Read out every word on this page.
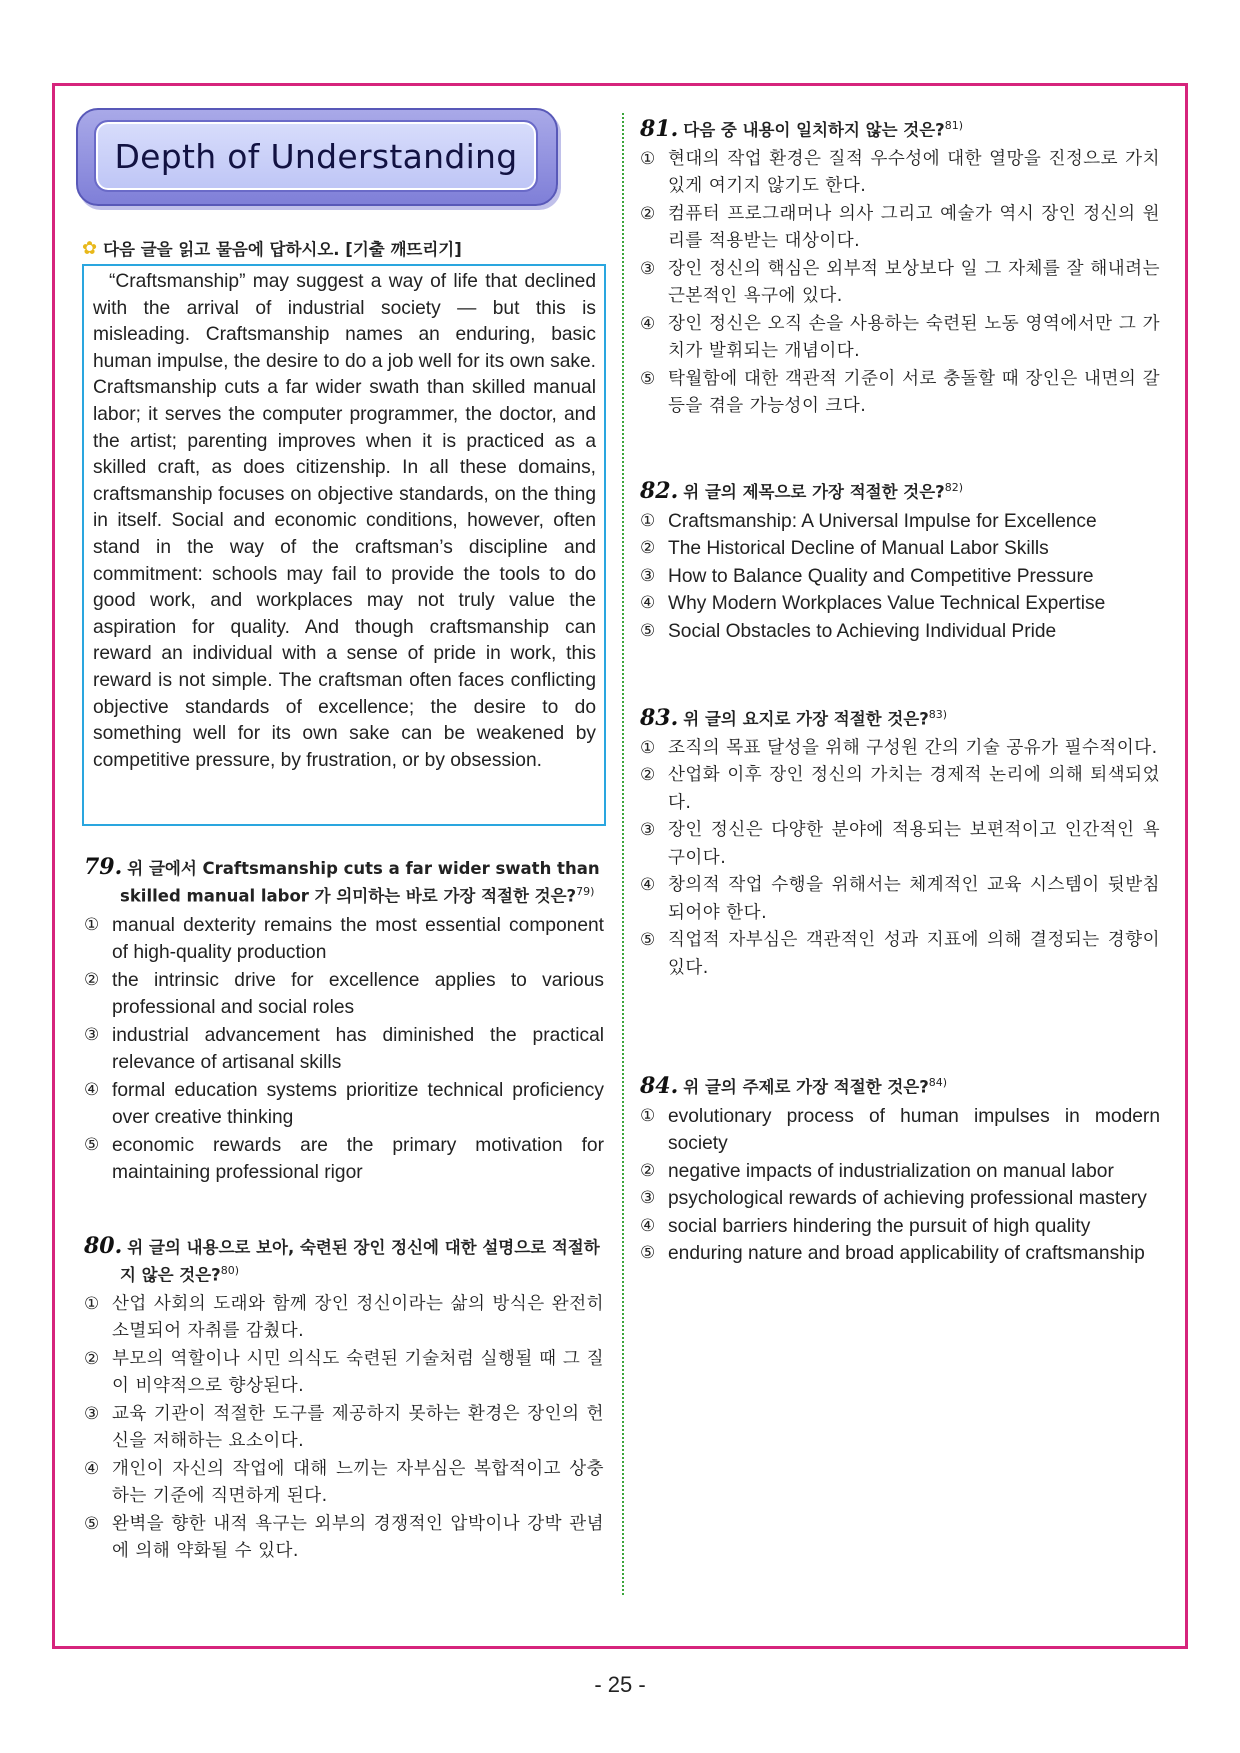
Depth of Understanding
✿ 다음 글을 읽고 물음에 답하시오. [기출 깨뜨리기]
“Craftsmanship” may suggest a way of life that declined with the arrival of industrial society — but this is misleading. Craftsmanship names an enduring, basic human impulse, the desire to do a job well for its own sake. Craftsmanship cuts a far wider swath than skilled manual labor; it serves the computer programmer, the doctor, and the artist; parenting improves when it is practiced as a skilled craft, as does citizenship. In all these domains, craftsmanship focuses on objective standards, on the thing in itself. Social and economic conditions, however, often stand in the way of the craftsman’s discipline and commitment: schools may fail to provide the tools to do good work, and workplaces may not truly value the aspiration for quality. And though craftsmanship can reward an individual with a sense of pride in work, this reward is not simple. The craftsman often faces conflicting objective standards of excellence; the desire to do something well for its own sake can be weakened by competitive pressure, by frustration, or by obsession.
79. 위 글에서 Craftsmanship cuts a far wider swath than skilled manual labor 가 의미하는 바로 가장 적절한 것은?$^{79)}$
① manual dexterity remains the most essential component of high-quality production
② the intrinsic drive for excellence applies to various professional and social roles
③ industrial advancement has diminished the practical relevance of artisanal skills
④ formal education systems prioritize technical proficiency over creative thinking
⑤ economic rewards are the primary motivation for maintaining professional rigor
80. 위 글의 내용으로 보아, 숙련된 장인 정신에 대한 설명으로 적절하지 않은 것은?$^{80)}$
① 산업 사회의 도래와 함께 장인 정신이라는 삶의 방식은 완전히 소멸되어 자취를 감췄다.
② 부모의 역할이나 시민 의식도 숙련된 기술처럼 실행될 때 그 질이 비약적으로 향상된다.
③ 교육 기관이 적절한 도구를 제공하지 못하는 환경은 장인의 헌신을 저해하는 요소이다.
④ 개인이 자신의 작업에 대해 느끼는 자부심은 복합적이고 상충하는 기준에 직면하게 된다.
⑤ 완벽을 향한 내적 욕구는 외부의 경쟁적인 압박이나 강박 관념에 의해 약화될 수 있다.
81. 다음 중 내용이 일치하지 않는 것은?$^{81)}$
① 현대의 작업 환경은 질적 우수성에 대한 열망을 진정으로 가치 있게 여기지 않기도 한다.
② 컴퓨터 프로그래머나 의사 그리고 예술가 역시 장인 정신의 원리를 적용받는 대상이다.
③ 장인 정신의 핵심은 외부적 보상보다 일 그 자체를 잘 해내려는 근본적인 욕구에 있다.
④ 장인 정신은 오직 손을 사용하는 숙련된 노동 영역에서만 그 가치가 발휘되는 개념이다.
⑤ 탁월함에 대한 객관적 기준이 서로 충돌할 때 장인은 내면의 갈등을 겪을 가능성이 크다.
82. 위 글의 제목으로 가장 적절한 것은?$^{82)}$
① Craftsmanship: A Universal Impulse for Excellence
② The Historical Decline of Manual Labor Skills
③ How to Balance Quality and Competitive Pressure
④ Why Modern Workplaces Value Technical Expertise
⑤ Social Obstacles to Achieving Individual Pride
83. 위 글의 요지로 가장 적절한 것은?$^{83)}$
① 조직의 목표 달성을 위해 구성원 간의 기술 공유가 필수적이다.
② 산업화 이후 장인 정신의 가치는 경제적 논리에 의해 퇴색되었다.
③ 장인 정신은 다양한 분야에 적용되는 보편적이고 인간적인 욕구이다.
④ 창의적 작업 수행을 위해서는 체계적인 교육 시스템이 뒷받침되어야 한다.
⑤ 직업적 자부심은 객관적인 성과 지표에 의해 결정되는 경향이 있다.
84. 위 글의 주제로 가장 적절한 것은?$^{84)}$
① evolutionary process of human impulses in modern society
② negative impacts of industrialization on manual labor
③ psychological rewards of achieving professional mastery
④ social barriers hindering the pursuit of high quality
⑤ enduring nature and broad applicability of craftsmanship
- 25 -
